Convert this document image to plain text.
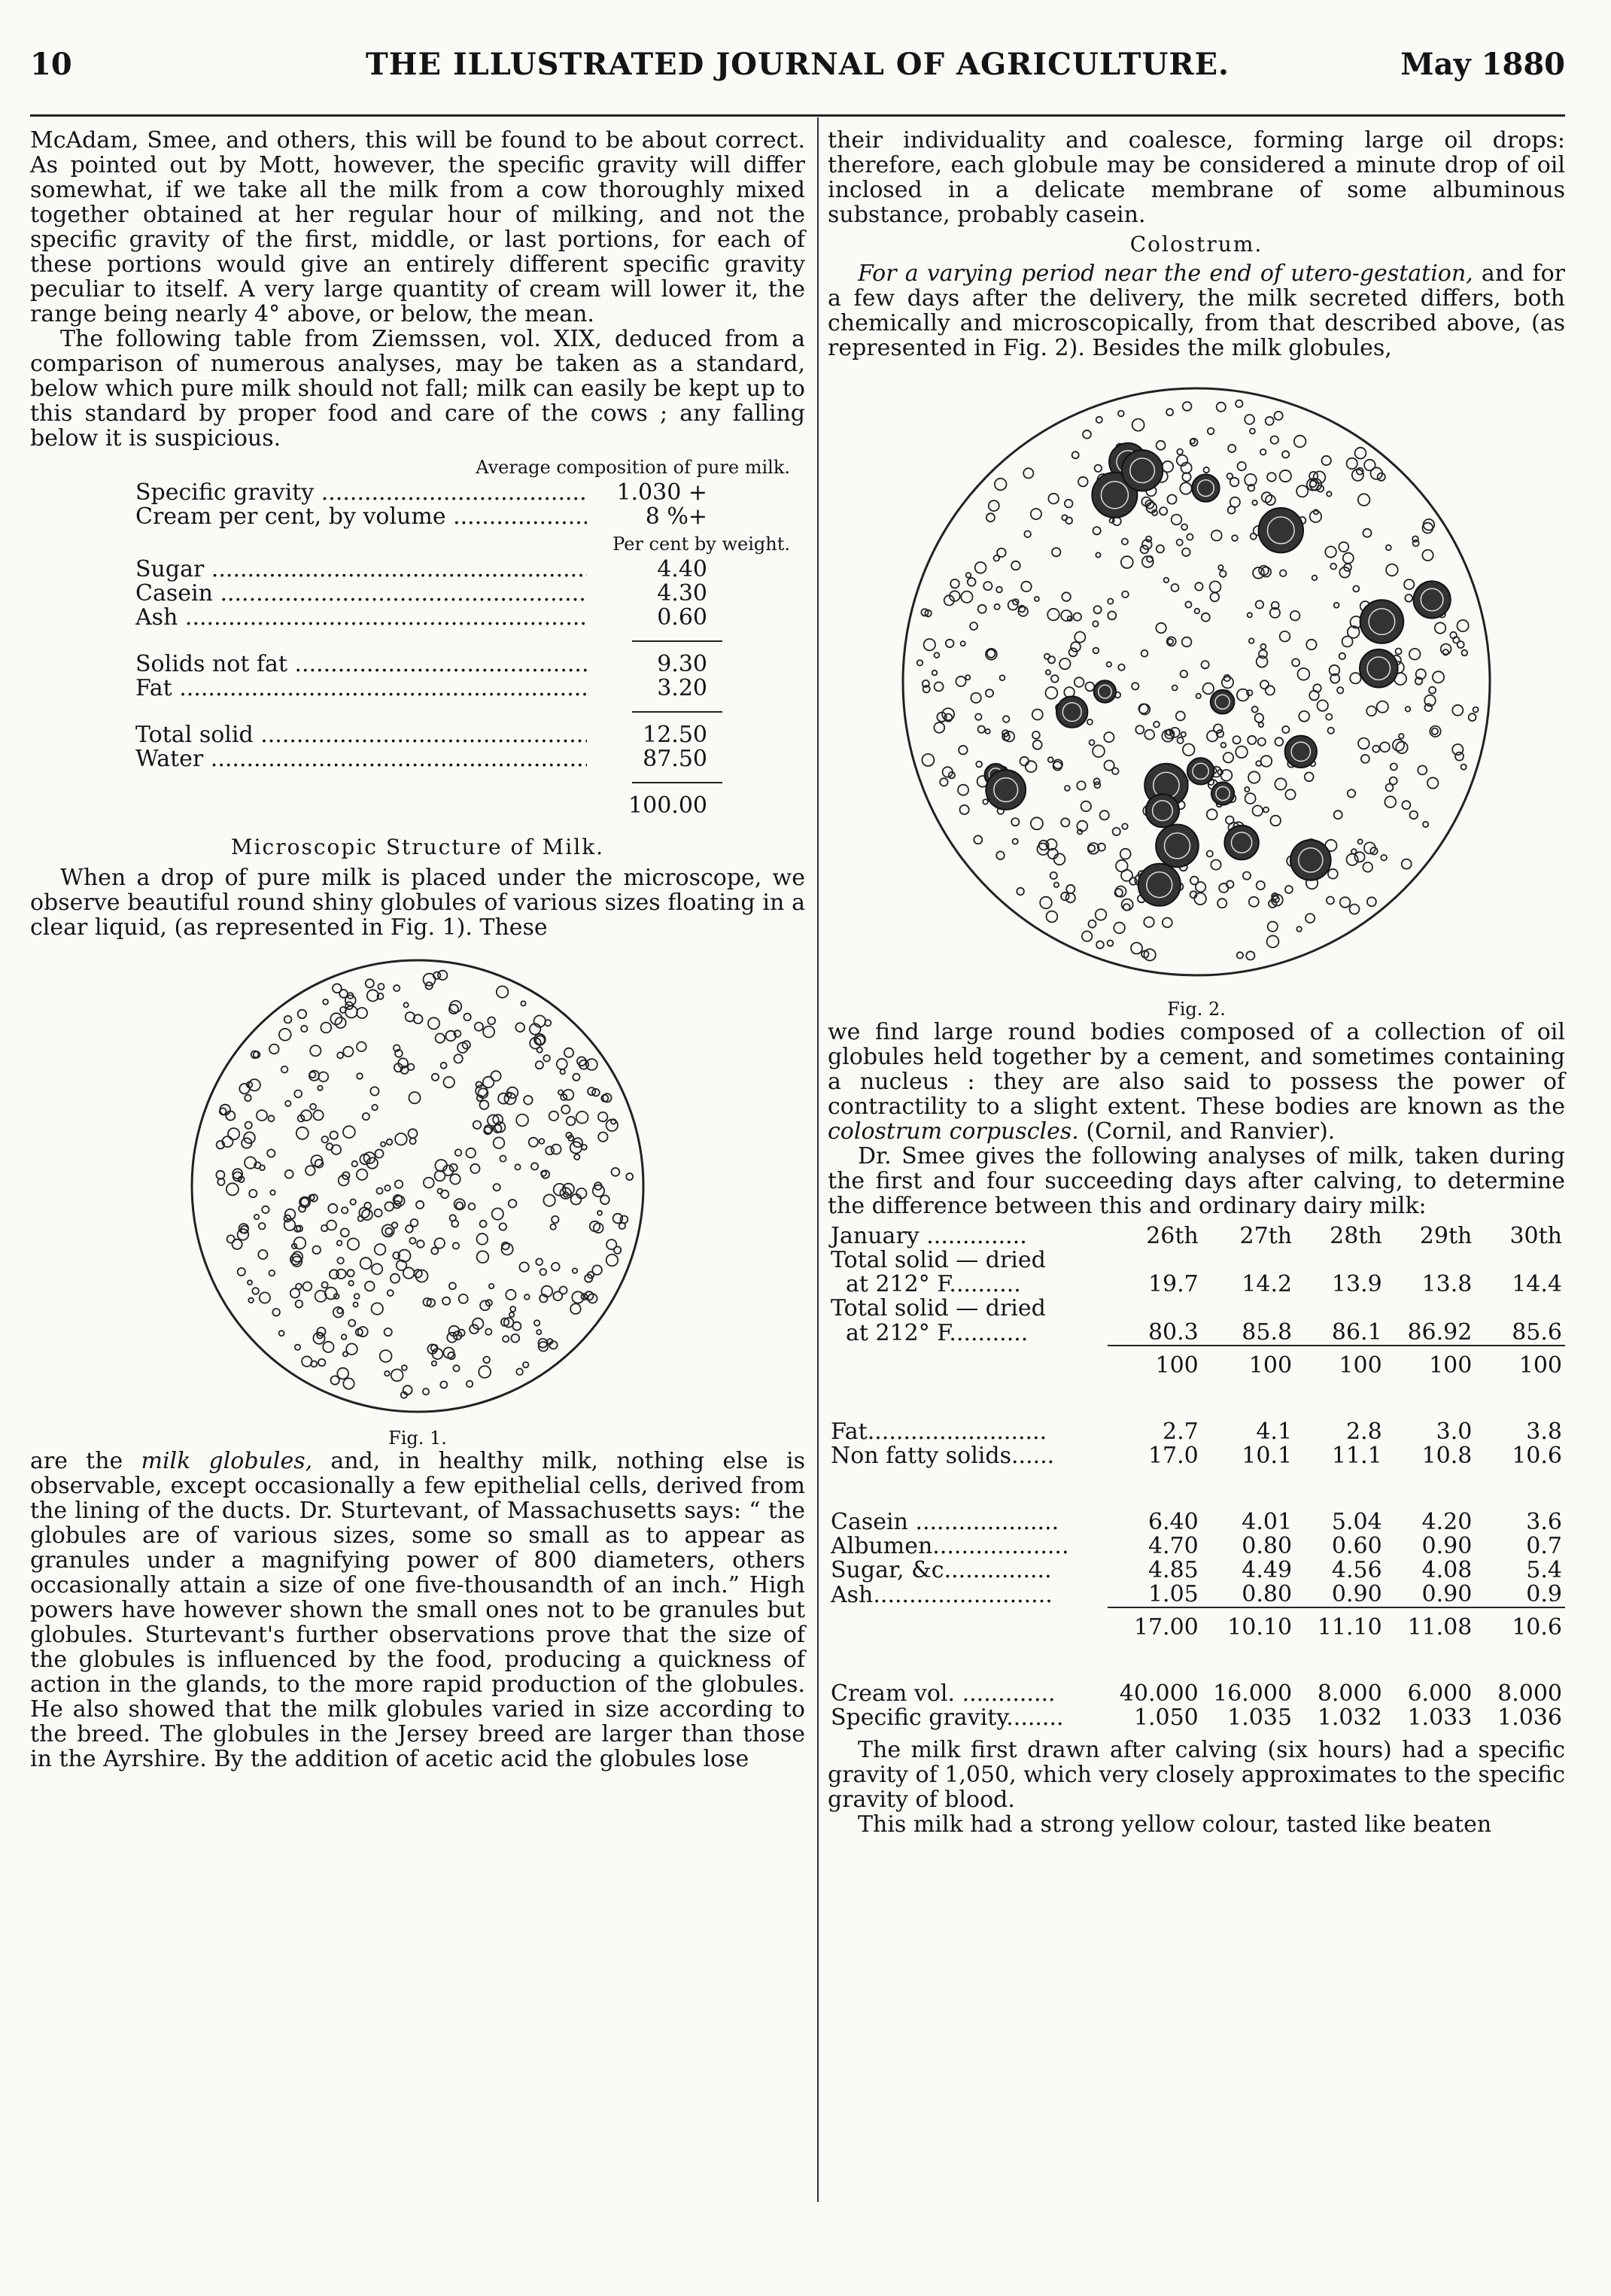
10	THE ILLUSTRATED JOURNAL OF AGRICULTURE.	May 1880

McAdam, Smee, and others, this will be found to be about correct. As pointed out by Mott, however, the specific gravity will differ somewhat, if we take all the milk from a cow thoroughly mixed together obtained at her regular hour of milking, and not the specific gravity of the first, middle, or last portions, for each of these portions would give an entirely different specific gravity peculiar to itself. A very large quantity of cream will lower it, the range being nearly 4° above, or below, the mean.

The following table from Ziemssen, vol. XIX, deduced from a comparison of numerous analyses, may be taken as a standard, below which pure milk should not fall; milk can easily be kept up to this standard by proper food and care of the cows ; any falling below it is suspicious.

Average composition of pure milk.
Specific gravity .....	1.030 +
Cream per cent, by volume .....	8 %+
Per cent by weight.
Sugar .....	4.40
Casein .....	4.30
Ash .....	0.60
Solids not fat .....	9.30
Fat .....	3.20
Total solid .....	12.50
Water .....	87.50
100.00
Microscopic Structure of Milk.

When a drop of pure milk is placed under the microscope, we observe beautiful round shiny globules of various sizes floating in a clear liquid, (as represented in Fig. 1). These

Fig. 1.

are the milk globules, and, in healthy milk, nothing else is observable, except occasionally a few epithelial cells, derived from the lining of the ducts. Dr. Sturtevant, of Massachusetts says: “ the globules are of various sizes, some so small as to appear as granules under a magnifying power of 800 diameters, others occasionally attain a size of one five-thousandth of an inch.” High powers have however shown the small ones not to be granules but globules. Sturtevant's further observations prove that the size of the globules is influenced by the food, producing a quickness of action in the glands, to the more rapid production of the globules. He also showed that the milk globules varied in size according to the breed. The globules in the Jersey breed are larger than those in the Ayrshire. By the addition of acetic acid the globules lose

their individuality and coalesce, forming large oil drops: therefore, each globule may be considered a minute drop of oil inclosed in a delicate membrane of some albuminous substance, probably casein.

Colostrum.

For a varying period near the end of utero-gestation, and for a few days after the delivery, the milk secreted differs, both chemically and microscopically, from that described above, (as represented in Fig. 2). Besides the milk globules,

Fig. 2.

we find large round bodies composed of a collection of oil globules held together by a cement, and sometimes containing a nucleus : they are also said to possess the power of contractility to a slight extent. These bodies are known as the colostrum corpuscles. (Cornil, and Ranvier).

Dr. Smee gives the following analyses of milk, taken during the first and four succeeding days after calving, to determine the difference between this and ordinary dairy milk:

January ..............	26th	27th	28th	29th	30th
Total solid — dried					
at 212° F..........	19.7	14.2	13.9	13.8	14.4
Total solid — dried					
at 212° F...........	80.3	85.8	86.1	86.92	85.6
	100	100	100	100	100

Fat.........................	2.7	4.1	2.8	3.0	3.8
Non fatty solids......	17.0	10.1	11.1	10.8	10.6

Casein ....................	6.40	4.01	5.04	4.20	3.6
Albumen...................	4.70	0.80	0.60	0.90	0.7
Sugar, &c...............	4.85	4.49	4.56	4.08	5.4
Ash.........................	1.05	0.80	0.90	0.90	0.9
	17.00	10.10	11.10	11.08	10.6

Cream vol. .............	40.000	16.000	8.000	6.000	8.000
Specific gravity........	1.050	1.035	1.032	1.033	1.036

The milk first drawn after calving (six hours) had a specific gravity of 1,050, which very closely approximates to the specific gravity of blood.

This milk had a strong yellow colour, tasted like beaten
